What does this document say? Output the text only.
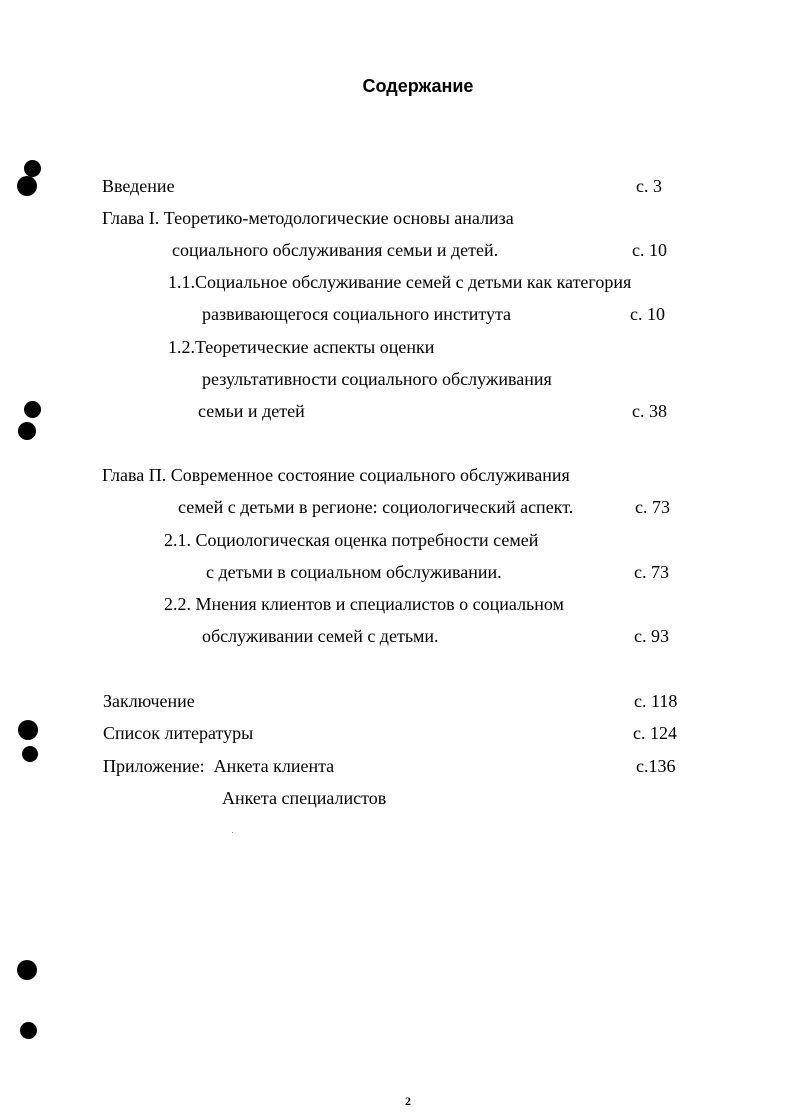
Содержание
Введение	с. 3
Глава I. Теоретико-методологические основы анализа
социального обслуживания семьи и детей.	с. 10
1.1.Социальное обслуживание семей с детьми как категория
развивающегося социального института	с. 10
1.2.Теоретические аспекты оценки
результативности социального обслуживания
семьи и детей	с. 38
Глава П. Современное состояние социального обслуживания
семей с детьми в регионе: социологический аспект.	с. 73
2.1. Социологическая оценка потребности семей
с детьми в социальном обслуживании.	с. 73
2.2. Мнения клиентов и специалистов о социальном
обслуживании семей с детьми.	с. 93
Заключение	с. 118
Список литературы	с. 124
Приложение:  Анкета клиента	с.136
Анкета специалистов
2
